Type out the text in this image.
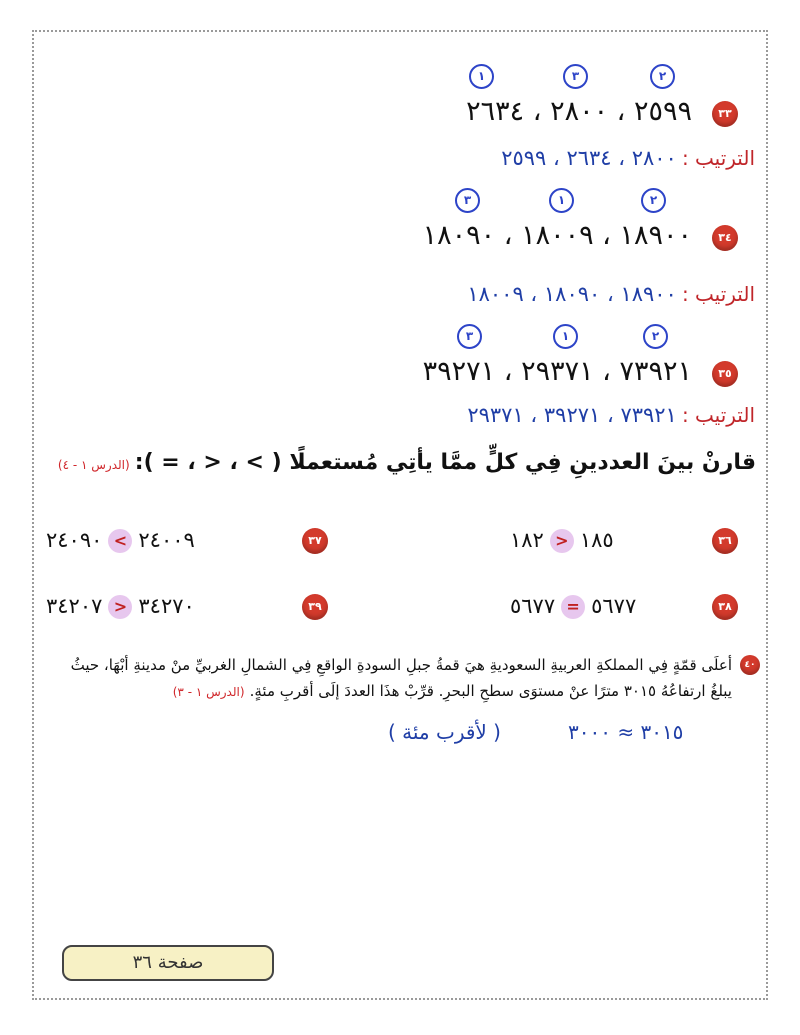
٣٣
٢٥٩٩ ، ٢٨٠٠ ، ٢٦٣٤
١	٣	٢
الترتيب : ٢٨٠٠ ، ٢٦٣٤ ، ٢٥٩٩
٣٤
١٨٩٠٠ ، ١٨٠٠٩ ، ١٨٠٩٠
٣	١	٢
الترتيب : ١٨٩٠٠ ، ١٨٠٩٠ ، ١٨٠٠٩
٣٥
٧٣٩٢١ ، ٢٩٣٧١ ، ٣٩٢٧١
٣	١	٢
الترتيب : ٧٣٩٢١ ، ٣٩٢٧١ ، ٢٩٣٧١
قارنْ بينَ العددينِ فِي كلٍّ ممَّا يأتِي مُستعملًا ( > ، < ، = ): (الدرس ١ - ٤)
٣٦
١٨٥>١٨٢
٣٧
٢٤٠٠٩<٢٤٠٩٠
٣٨
٥٦٧٧=٥٦٧٧
٣٩
٣٤٢٧٠>٣٤٢٠٧
٤٠
أعلَى قمّةٍ فِي المملكةِ العربيةِ السعوديةِ هيَ قمةُ جبلِ السودةِ الواقعِ فِي الشمالِ الغربيِّ منْ مدينةِ أبْهَا، حيثُ
يبلغُ ارتفاعُهُ ٣٠١٥ مترًا عنْ مستوَى سطحِ البحرِ. قرِّبْ هذَا العددَ إلَى أقربِ مئةٍ. (الدرس ١ - ٣)
٣٠١٥ ≈ ٣٠٠٠
( لأقرب مئة )
صفحة ٣٦
